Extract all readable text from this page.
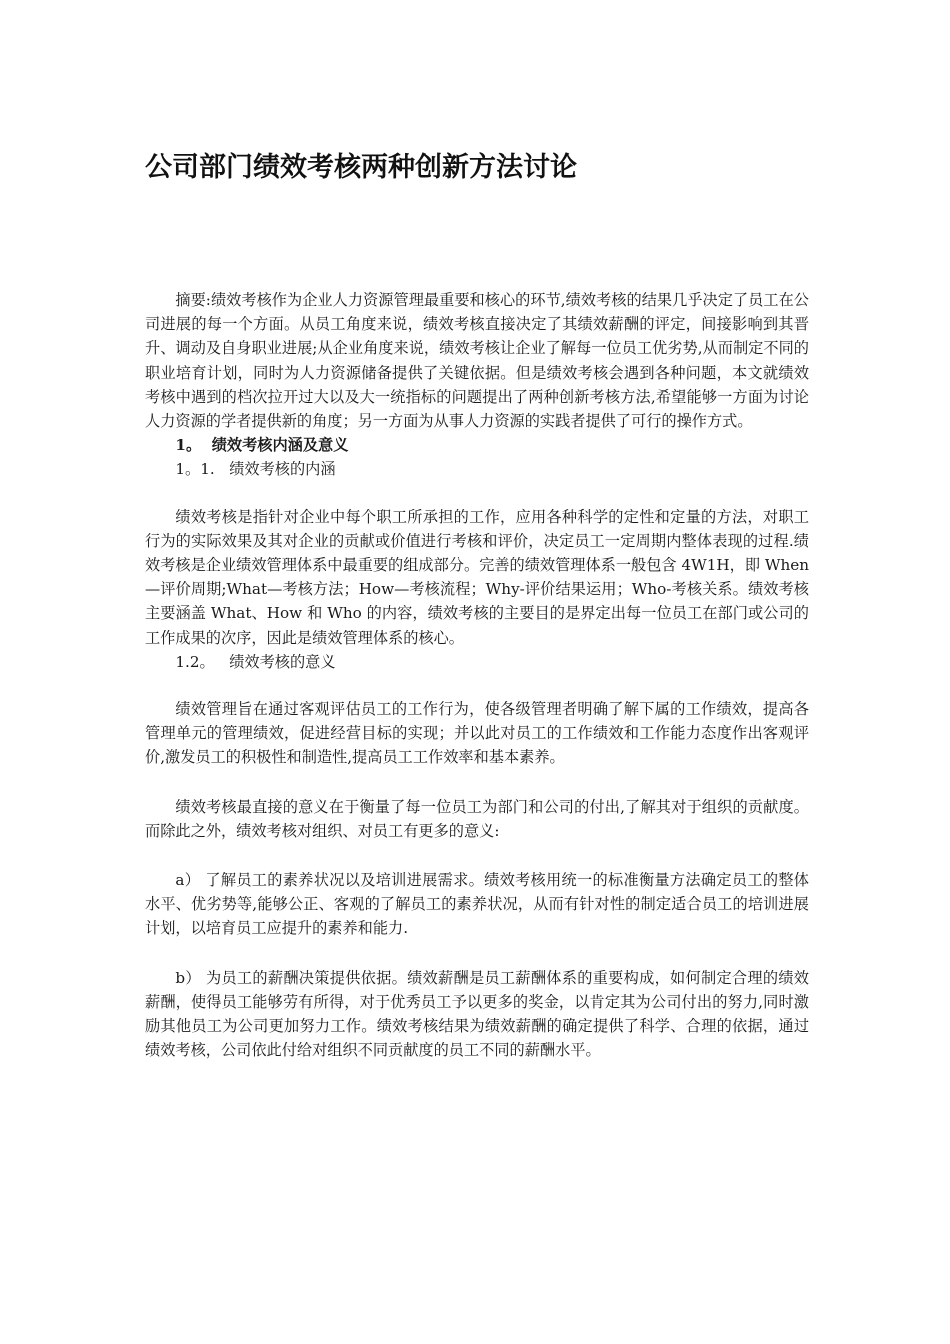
公司部门绩效考核两种创新方法讨论

摘要:绩效考核作为企业人力资源管理最重要和核心的环节,绩效考核的结果几乎决定了员工在公司进展的每一个方面。从员工角度来说，绩效考核直接决定了其绩效薪酬的评定，间接影响到其晋升、调动及自身职业进展;从企业角度来说，绩效考核让企业了解每一位员工优劣势,从而制定不同的职业培育计划，同时为人力资源储备提供了关键依据。但是绩效考核会遇到各种问题，本文就绩效考核中遇到的档次拉开过大以及大一统指标的问题提出了两种创新考核方法,希望能够一方面为讨论人力资源的学者提供新的角度；另一方面为从事人力资源的实践者提供了可行的操作方式。

1。  绩效考核内涵及意义

1。1.   绩效考核的内涵

绩效考核是指针对企业中每个职工所承担的工作，应用各种科学的定性和定量的方法，对职工行为的实际效果及其对企业的贡献或价值进行考核和评价，决定员工一定周期内整体表现的过程.绩效考核是企业绩效管理体系中最重要的组成部分。完善的绩效管理体系一般包含 4W1H，即 When—评价周期;What—考核方法；How—考核流程；Why-评价结果运用；Who-考核关系。绩效考核主要涵盖 What、How 和 Who 的内容，绩效考核的主要目的是界定出每一位员工在部门或公司的工作成果的次序，因此是绩效管理体系的核心。

1.2。   绩效考核的意义

绩效管理旨在通过客观评估员工的工作行为，使各级管理者明确了解下属的工作绩效，提高各管理单元的管理绩效，促进经营目标的实现；并以此对员工的工作绩效和工作能力态度作出客观评价,激发员工的积极性和制造性,提高员工工作效率和基本素养。

绩效考核最直接的意义在于衡量了每一位员工为部门和公司的付出,了解其对于组织的贡献度。而除此之外，绩效考核对组织、对员工有更多的意义:

a） 了解员工的素养状况以及培训进展需求。绩效考核用统一的标准衡量方法确定员工的整体水平、优劣势等,能够公正、客观的了解员工的素养状况，从而有针对性的制定适合员工的培训进展计划，以培育员工应提升的素养和能力.

b） 为员工的薪酬决策提供依据。绩效薪酬是员工薪酬体系的重要构成，如何制定合理的绩效薪酬，使得员工能够劳有所得，对于优秀员工予以更多的奖金，以肯定其为公司付出的努力,同时激励其他员工为公司更加努力工作。绩效考核结果为绩效薪酬的确定提供了科学、合理的依据，通过绩效考核，公司依此付给对组织不同贡献度的员工不同的薪酬水平。
